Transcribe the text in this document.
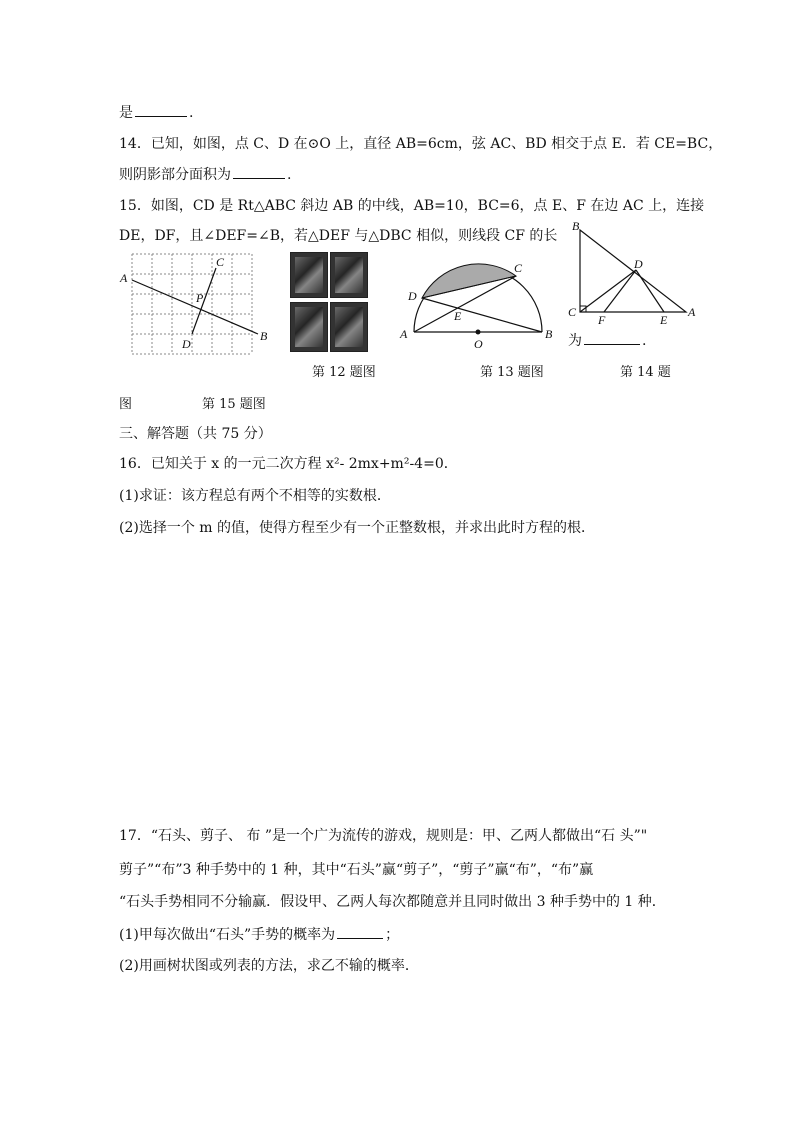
是	.
14．已知，如图，点 C、D 在⊙O 上，直径 AB=6cm，弦 AC、BD 相交于点 E．若 CE=BC，
则阴影部分面积为	.
15．如图，CD 是 Rt△ABC 斜边 AB 的中线，AB=10，BC=6，点 E、F 在边 AC 上，连接
DE，DF，且∠DEF=∠B，若△DEF 与△DBC 相似，则线段 CF 的长
A
B
C
D
P
A	B
C
D
E
O
B
C
D
F	E
A
为	.
第 12 题图	第 13 题图	第 14 题
图	第 15 题图
三、解答题（共 75 分）
16．已知关于 x 的一元二次方程 x²- 2mx+m²-4=0．
(1)求证：该方程总有两个不相等的实数根．
(2)选择一个 m 的值，使得方程至少有一个正整数根，并求出此时方程的根．
17．“石头、剪子、 布 ”是一个广为流传的游戏，规则是：甲、乙两人都做出“石 头”"
剪子”“布”3 种手势中的 1 种，其中“石头”赢“剪子”，“剪子”赢“布”，“布”赢
“石头手势相同不分输赢．假设甲、乙两人每次都随意并且同时做出 3 种手势中的 1 种．
(1)甲每次做出“石头”手势的概率为	；
(2)用画树状图或列表的方法，求乙不输的概率．
